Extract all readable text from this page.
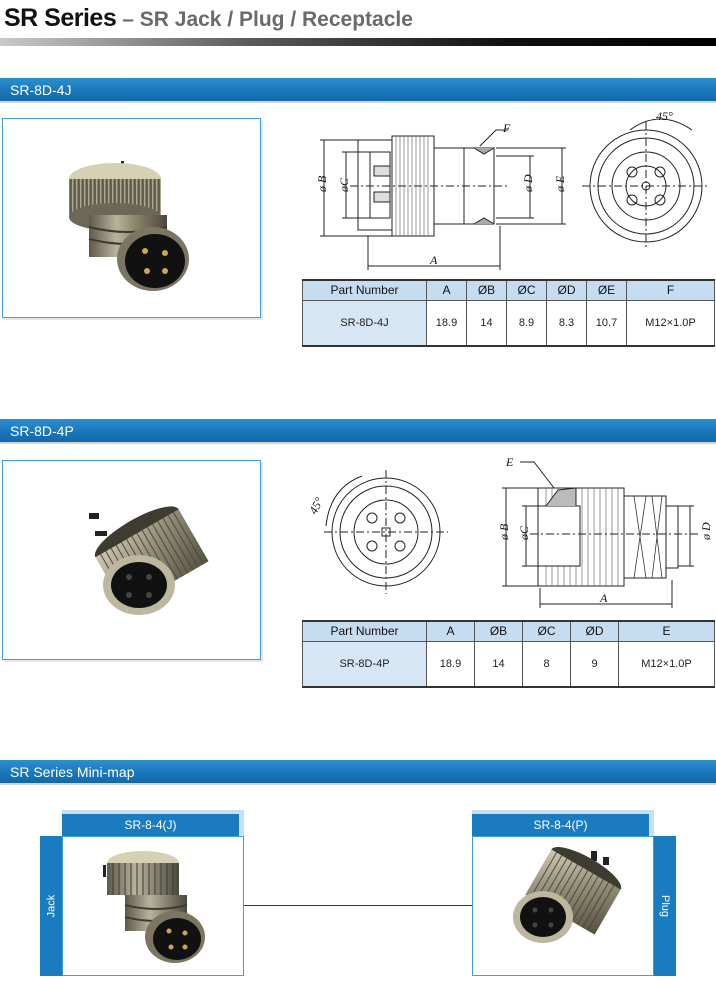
SR Series – SR Jack / Plug / Receptacle
SR-8D-4J
ø B øC	ø D ø E
F
A
45°
Part Number	A	ØB	ØC	ØD	ØE	F
SR-8D-4J	18.9	14	8.9	8.3	10.7	M12×1.0P
SR-8D-4P
45°
E
ø B øC	ø D
A
Part Number	A	ØB	ØC	ØD	E
SR-8D-4P	18.9	14	8	9	M12×1.0P
SR Series Mini-map
SR-8-4(J)
Jack
SR-8-4(P)
Plug
